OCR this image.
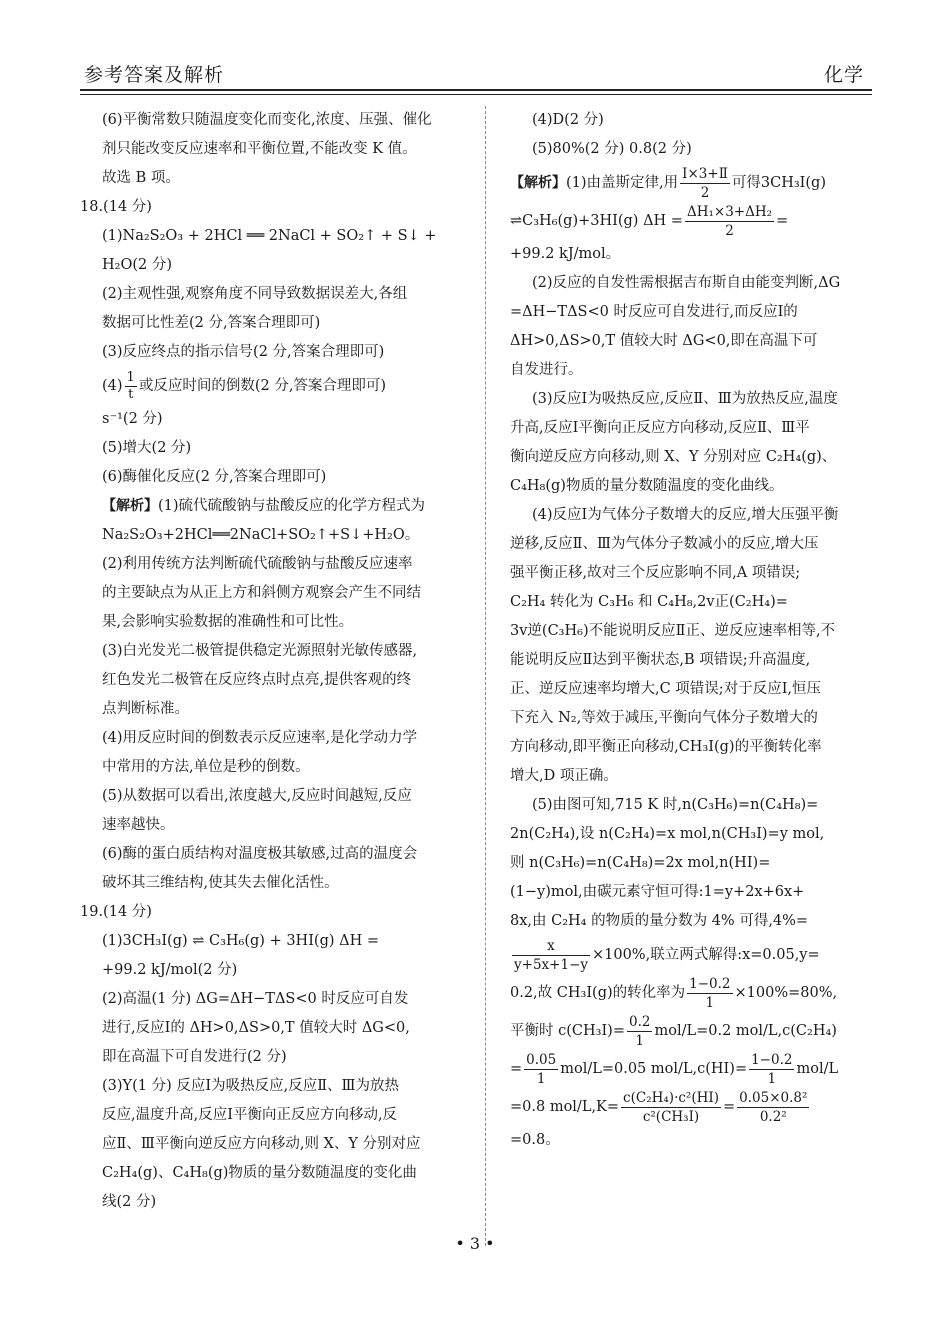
参考答案及解析	化学
(6)平衡常数只随温度变化而变化,浓度、压强、催化
剂只能改变反应速率和平衡位置,不能改变 K 值。
故选 B 项。
18.(14 分)
(1)Na₂S₂O₃ + 2HCl ══ 2NaCl + SO₂↑ + S↓ +
H₂O(2 分)
(2)主观性强,观察角度不同导致数据误差大,各组
数据可比性差(2 分,答案合理即可)
(3)反应终点的指示信号(2 分,答案合理即可)
$(4) \frac{1}{t}$ 或反应时间的倒数(2 分,答案合理即可)
s⁻¹(2 分)
(5)增大(2 分)
(6)酶催化反应(2 分,答案合理即可)
【解析】(1)硫代硫酸钠与盐酸反应的化学方程式为
Na₂S₂O₃+2HCl══2NaCl+SO₂↑+S↓+H₂O。
(2)利用传统方法判断硫代硫酸钠与盐酸反应速率
的主要缺点为从正上方和斜侧方观察会产生不同结
果,会影响实验数据的准确性和可比性。
(3)白光发光二极管提供稳定光源照射光敏传感器,
红色发光二极管在反应终点时点亮,提供客观的终
点判断标准。
(4)用反应时间的倒数表示反应速率,是化学动力学
中常用的方法,单位是秒的倒数。
(5)从数据可以看出,浓度越大,反应时间越短,反应
速率越快。
(6)酶的蛋白质结构对温度极其敏感,过高的温度会
破坏其三维结构,使其失去催化活性。
19.(14 分)
(1)3CH₃I(g) ⇌ C₃H₆(g) + 3HI(g) ΔH =
+99.2 kJ/mol(2 分)
(2)高温(1 分) ΔG=ΔH−TΔS<0 时反应可自发
进行,反应Ⅰ的 ΔH>0,ΔS>0,T 值较大时 ΔG<0,
即在高温下可自发进行(2 分)
(3)Y(1 分) 反应Ⅰ为吸热反应,反应Ⅱ、Ⅲ为放热
反应,温度升高,反应Ⅰ平衡向正反应方向移动,反
应Ⅱ、Ⅲ平衡向逆反应方向移动,则 X、Y 分别对应
C₂H₄(g)、C₄H₈(g)物质的量分数随温度的变化曲
线(2 分)
(4)D(2 分)
(5)80%(2 分) 0.8(2 分)
【解析】(1)由盖斯定律,用 $\frac{\text{Ⅰ×3+Ⅱ}}{2}$ 可得3CH₃I(g)
⇌C₃H₆(g)+3HI(g) $\Delta H = \frac{\text{ΔH₁×3+ΔH₂}}{2}$ =
+99.2 kJ/mol。
(2)反应的自发性需根据吉布斯自由能变判断,ΔG
=ΔH−TΔS<0 时反应可自发进行,而反应Ⅰ的
ΔH>0,ΔS>0,T 值较大时 ΔG<0,即在高温下可
自发进行。
(3)反应Ⅰ为吸热反应,反应Ⅱ、Ⅲ为放热反应,温度
升高,反应Ⅰ平衡向正反应方向移动,反应Ⅱ、Ⅲ平
衡向逆反应方向移动,则 X、Y 分别对应 C₂H₄(g)、
C₄H₈(g)物质的量分数随温度的变化曲线。
(4)反应Ⅰ为气体分子数增大的反应,增大压强平衡
逆移,反应Ⅱ、Ⅲ为气体分子数减小的反应,增大压
强平衡正移,故对三个反应影响不同,A 项错误;
C₂H₄ 转化为 C₃H₆ 和 C₄H₈,2v正(C₂H₄)=
3v逆(C₃H₆)不能说明反应Ⅱ正、逆反应速率相等,不
能说明反应Ⅱ达到平衡状态,B 项错误;升高温度,
正、逆反应速率均增大,C 项错误;对于反应Ⅰ,恒压
下充入 N₂,等效于减压,平衡向气体分子数增大的
方向移动,即平衡正向移动,CH₃I(g)的平衡转化率
增大,D 项正确。
(5)由图可知,715 K 时,n(C₃H₆)=n(C₄H₈)=
2n(C₂H₄),设 n(C₂H₄)=x mol,n(CH₃I)=y mol,
则 n(C₃H₆)=n(C₄H₈)=2x mol,n(HI)=
(1−y)mol,由碳元素守恒可得:1=y+2x+6x+
8x,由 C₂H₄ 的物质的量分数为 4% 可得,4%=
$\frac{x}{y+5x+1-y} \times 100\%$,联立两式解得:x=0.05,y=
0.2,故 CH₃I(g)的转化率为 $\frac{1-0.2}{1} \times 100\%=80\%$,
平衡时 $c(CH_3I)= \frac{0.2}{1} mol/L=0.2$ mol/L,c(C₂H₄)
= $\frac{0.05}{1} mol/L=0.05$ $mol/L,c(HI)= \frac{1-0.2}{1} mol/L$
=0.8 $mol/L,K= \frac{\text{c(C₂H₄)·c²(HI)}}{\text{c²(CH₃I)}} = \frac{\text{0.05×0.8²}}{\text{0.2²}}$
=0.8。
• 3 •
